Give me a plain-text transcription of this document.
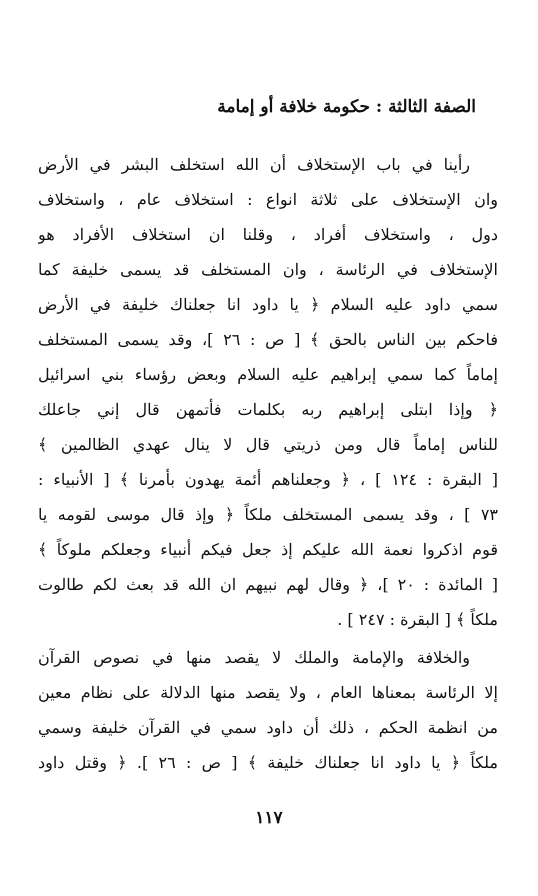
الصفة الثالثة : حكومة خلافة أو إمامة
رأينا في باب الإستخلاف أن الله استخلف البشر في الأرض
وان الإستخلاف على ثلاثة انواع : استخلاف عام ، واستخلاف
دول ، واستخلاف أفراد ، وقلنا ان استخلاف الأفراد هو
الإستخلاف في الرئاسة ، وان المستخلف قد يسمى خليفة كما
سمي داود عليه السلام ﴿ يا داود انا جعلناك خليفة في الأرض
فاحكم بين الناس بالحق ﴾ [ ص : ٢٦ ]، وقد يسمى المستخلف
إماماً كما سمي إبراهيم عليه السلام وبعض رؤساء بني اسرائيل
﴿ وإذا ابتلى إبراهيم ربه بكلمات فأتمهن قال إني جاعلك
للناس إماماً قال ومن ذريتي قال لا ينال عهدي الظالمين ﴾
[ البقرة : ١٢٤ ] ، ﴿ وجعلناهم أئمة يهدون بأمرنا ﴾ [ الأنبياء :
٧٣ ] ، وقد يسمى المستخلف ملكاً ﴿ وإذ قال موسى لقومه يا
قوم اذكروا نعمة الله عليكم إذ جعل فيكم أنبياء وجعلكم ملوكاً ﴾
[ المائدة : ٢٠ ]، ﴿ وقال لهم نبيهم ان الله قد بعث لكم طالوت
ملكاً ﴾ [ البقرة : ٢٤٧ ] .
والخلافة والإمامة والملك لا يقصد منها في نصوص القرآن
إلا الرئاسة بمعناها العام ، ولا يقصد منها الدلالة على نظام معين
من انظمة الحكم ، ذلك أن داود سمي في القرآن خليفة وسمي
ملكاً ﴿ يا داود انا جعلناك خليفة ﴾ [ ص : ٢٦ ]. ﴿ وقتل داود
١١٧
